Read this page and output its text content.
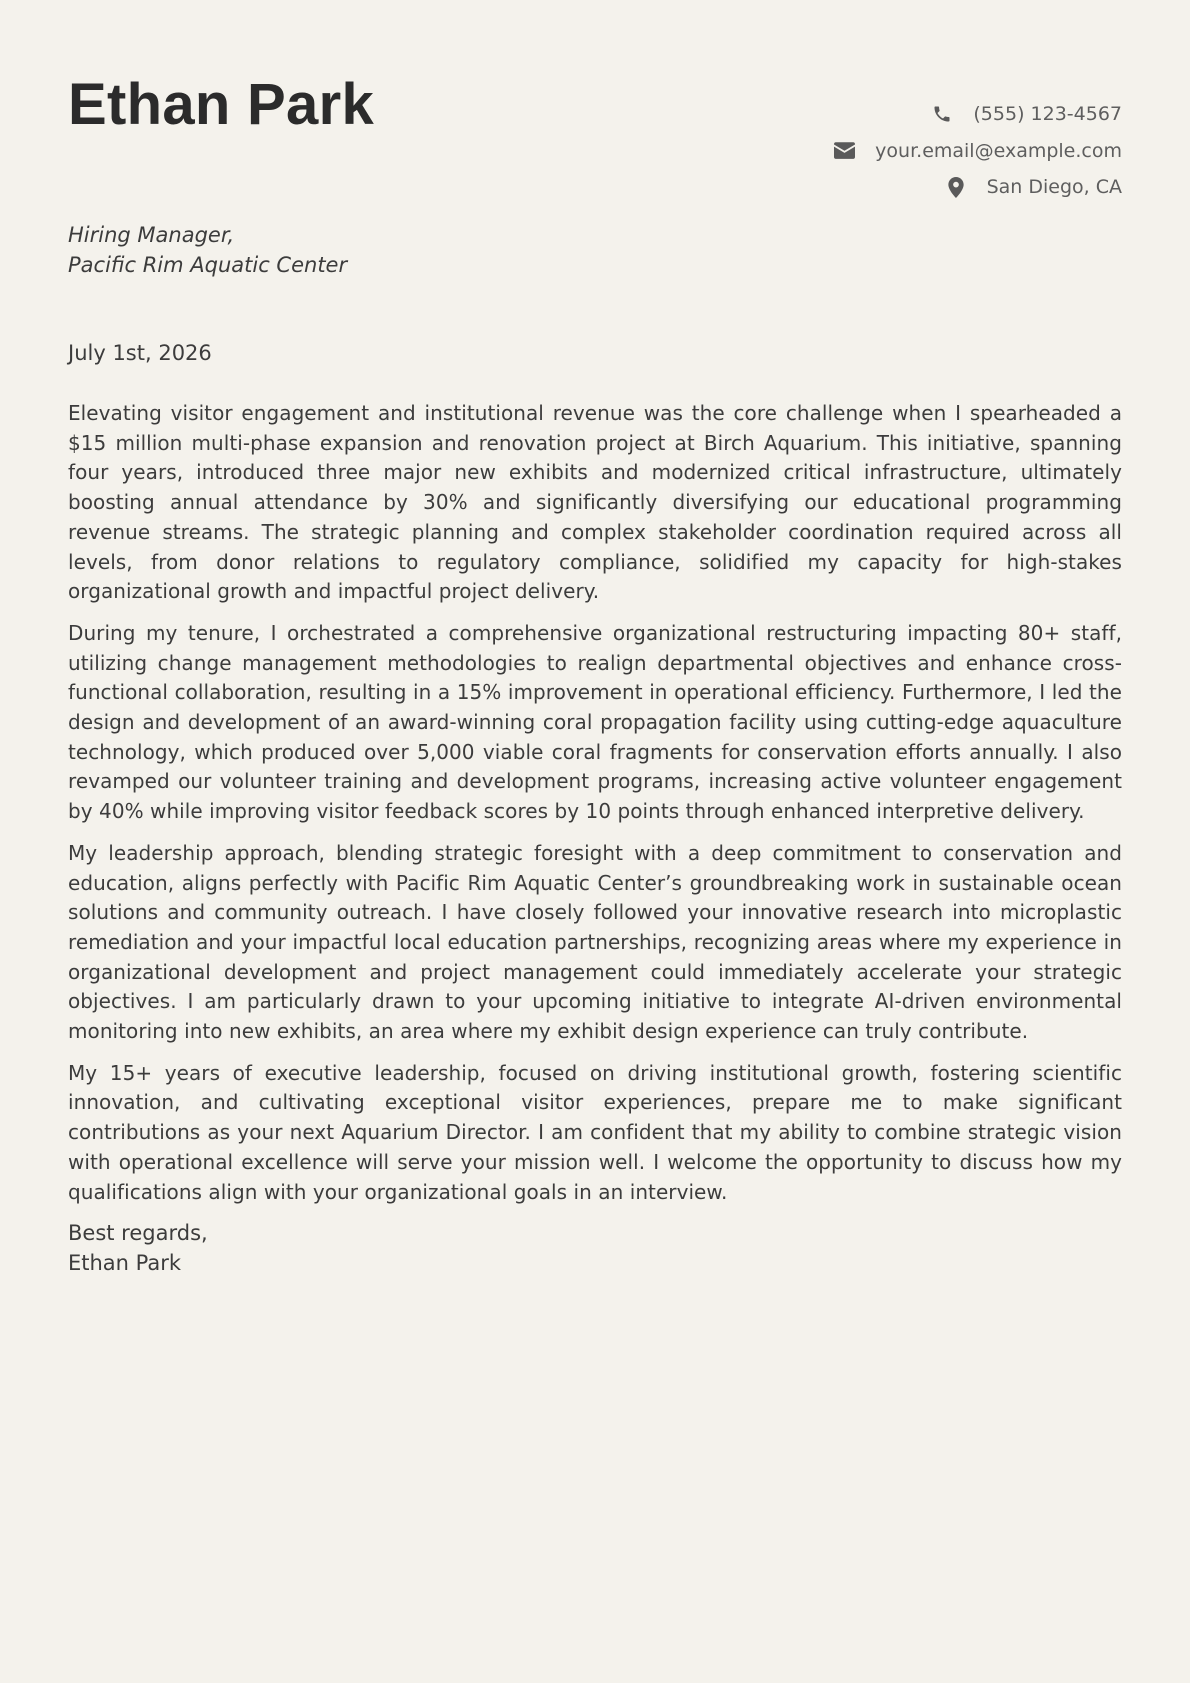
Ethan Park	(555) 123-4567
your.email@example.com
San Diego, CA
Hiring Manager,
Pacific Rim Aquatic Center
July 1st, 2026

Elevating visitor engagement and institutional revenue was the core challenge when I spearheaded a $15 million multi-phase expansion and renovation project at Birch Aquarium. This initiative, spanning four years, introduced three major new exhibits and modernized critical infrastructure, ultimately boosting annual attendance by 30% and significantly diversifying our educational programming revenue streams. The strategic planning and complex stakeholder coordination required across all levels, from donor relations to regulatory compliance, solidified my capacity for high-stakes organizational growth and impactful project delivery.

During my tenure, I orchestrated a comprehensive organizational restructuring impacting 80+ staff, utilizing change management methodologies to realign departmental objectives and enhance cross-functional collaboration, resulting in a 15% improvement in operational efficiency. Furthermore, I led the design and development of an award-winning coral propagation facility using cutting-edge aquaculture technology, which produced over 5,000 viable coral fragments for conservation efforts annually. I also revamped our volunteer training and development programs, increasing active volunteer engagement by 40% while improving visitor feedback scores by 10 points through enhanced interpretive delivery.

My leadership approach, blending strategic foresight with a deep commitment to conservation and education, aligns perfectly with Pacific Rim Aquatic Center’s groundbreaking work in sustainable ocean solutions and community outreach. I have closely followed your innovative research into microplastic remediation and your impactful local education partnerships, recognizing areas where my experience in organizational development and project management could immediately accelerate your strategic objectives. I am particularly drawn to your upcoming initiative to integrate AI-driven environmental monitoring into new exhibits, an area where my exhibit design experience can truly contribute.

My 15+ years of executive leadership, focused on driving institutional growth, fostering scientific innovation, and cultivating exceptional visitor experiences, prepare me to make significant contributions as your next Aquarium Director. I am confident that my ability to combine strategic vision with operational excellence will serve your mission well. I welcome the opportunity to discuss how my qualifications align with your organizational goals in an interview.

Best regards,
Ethan Park
